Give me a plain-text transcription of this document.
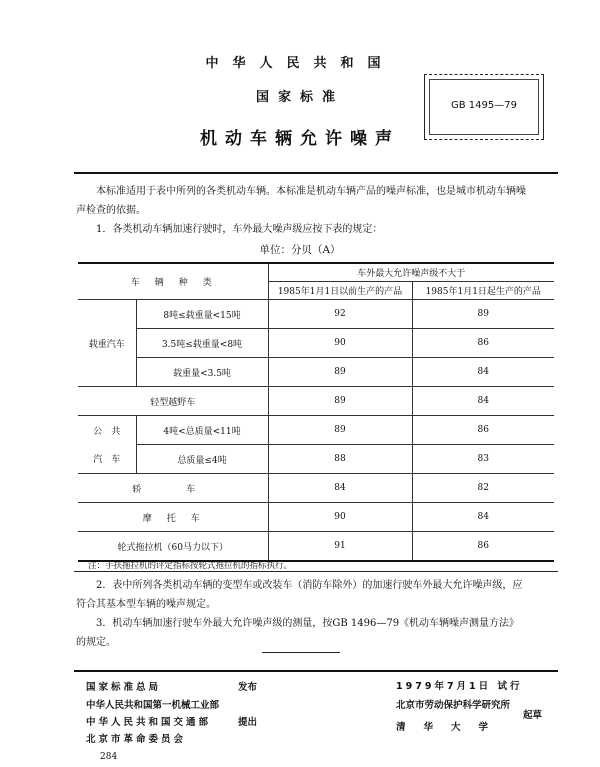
中华人民共和国
国家标准
机动车辆允许噪声
GB 1495—79
本标准适用于表中所列的各类机动车辆。本标准是机动车辆产品的噪声标准，也是城市机动车辆噪
声检查的依据。
1．各类机动车辆加速行驶时，车外最大噪声级应按下表的规定：
单位：分贝（A）
车　辆　种　类		车外最大允许噪声级不大于	
		1985年1月1日以前生产的产品	1985年1月1日起生产的产品
载重汽车	8吨≤载重量<15吨	92	89
	3.5吨≤载重量<8吨	90	86
	载重量<3.5吨	89	84
轻型越野车		89	84
公　共	4吨<总质量<11吨	89	86
汽　车	总质量≤4吨	88	83
轿　车		84	82
摩　托　车		90	84
轮式拖拉机（60马力以下）		91	86
注：手扶拖拉机的评定指标按轮式拖拉机的指标执行。
2．表中所列各类机动车辆的变型车或改装车（消防车除外）的加速行驶车外最大允许噪声级，应
符合其基本型车辆的噪声规定。
3．机动车辆加速行驶车外最大允许噪声级的测量，按GB 1496—79《机动车辆噪声测量方法》
的规定。
国家标准总局
中华人民共和国第一机械工业部
中华人民共和国交通部
北京市革命委员会
发布
提出
1979年7月1日 试行
北京市劳动保护科学研究所
清华大学
起草
284
